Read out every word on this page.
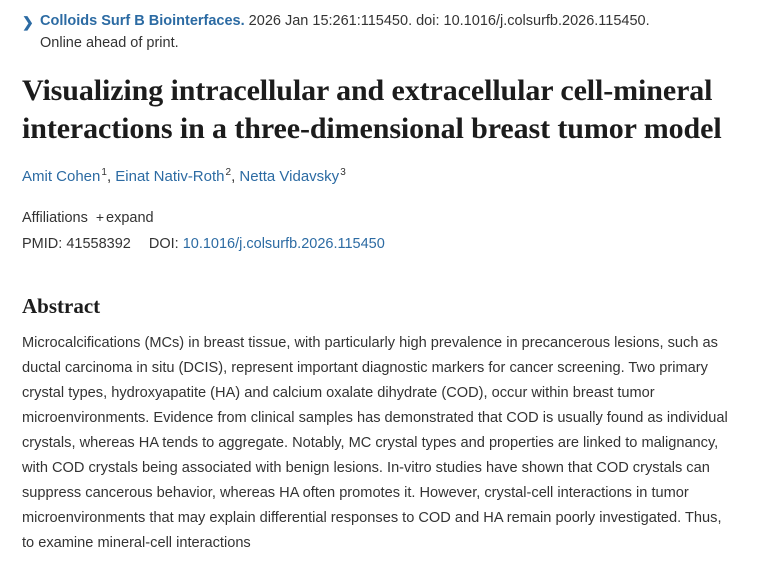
❯ Colloids Surf B Biointerfaces. 2026 Jan 15:261:115450. doi: 10.1016/j.colsurfb.2026.115450.
Online ahead of print.
Visualizing intracellular and extracellular cell-mineral interactions in a three-dimensional breast tumor model
Amit Cohen$^1$, Einat Nativ-Roth$^2$, Netta Vidavsky$^3$
Affiliations + expand
PMID: 41558392 DOI: 10.1016/j.colsurfb.2026.115450
Abstract

Microcalcifications (MCs) in breast tissue, with particularly high prevalence in precancerous lesions, such as ductal carcinoma in situ (DCIS), represent important diagnostic markers for cancer screening. Two primary crystal types, hydroxyapatite (HA) and calcium oxalate dihydrate (COD), occur within breast tumor microenvironments. Evidence from clinical samples has demonstrated that COD is usually found as individual crystals, whereas HA tends to aggregate. Notably, MC crystal types and properties are linked to malignancy, with COD crystals being associated with benign lesions. In-vitro studies have shown that COD crystals can suppress cancerous behavior, whereas HA often promotes it. However, crystal-cell interactions in tumor microenvironments that may explain differential responses to COD and HA remain poorly investigated. Thus, to examine mineral-cell interactions
